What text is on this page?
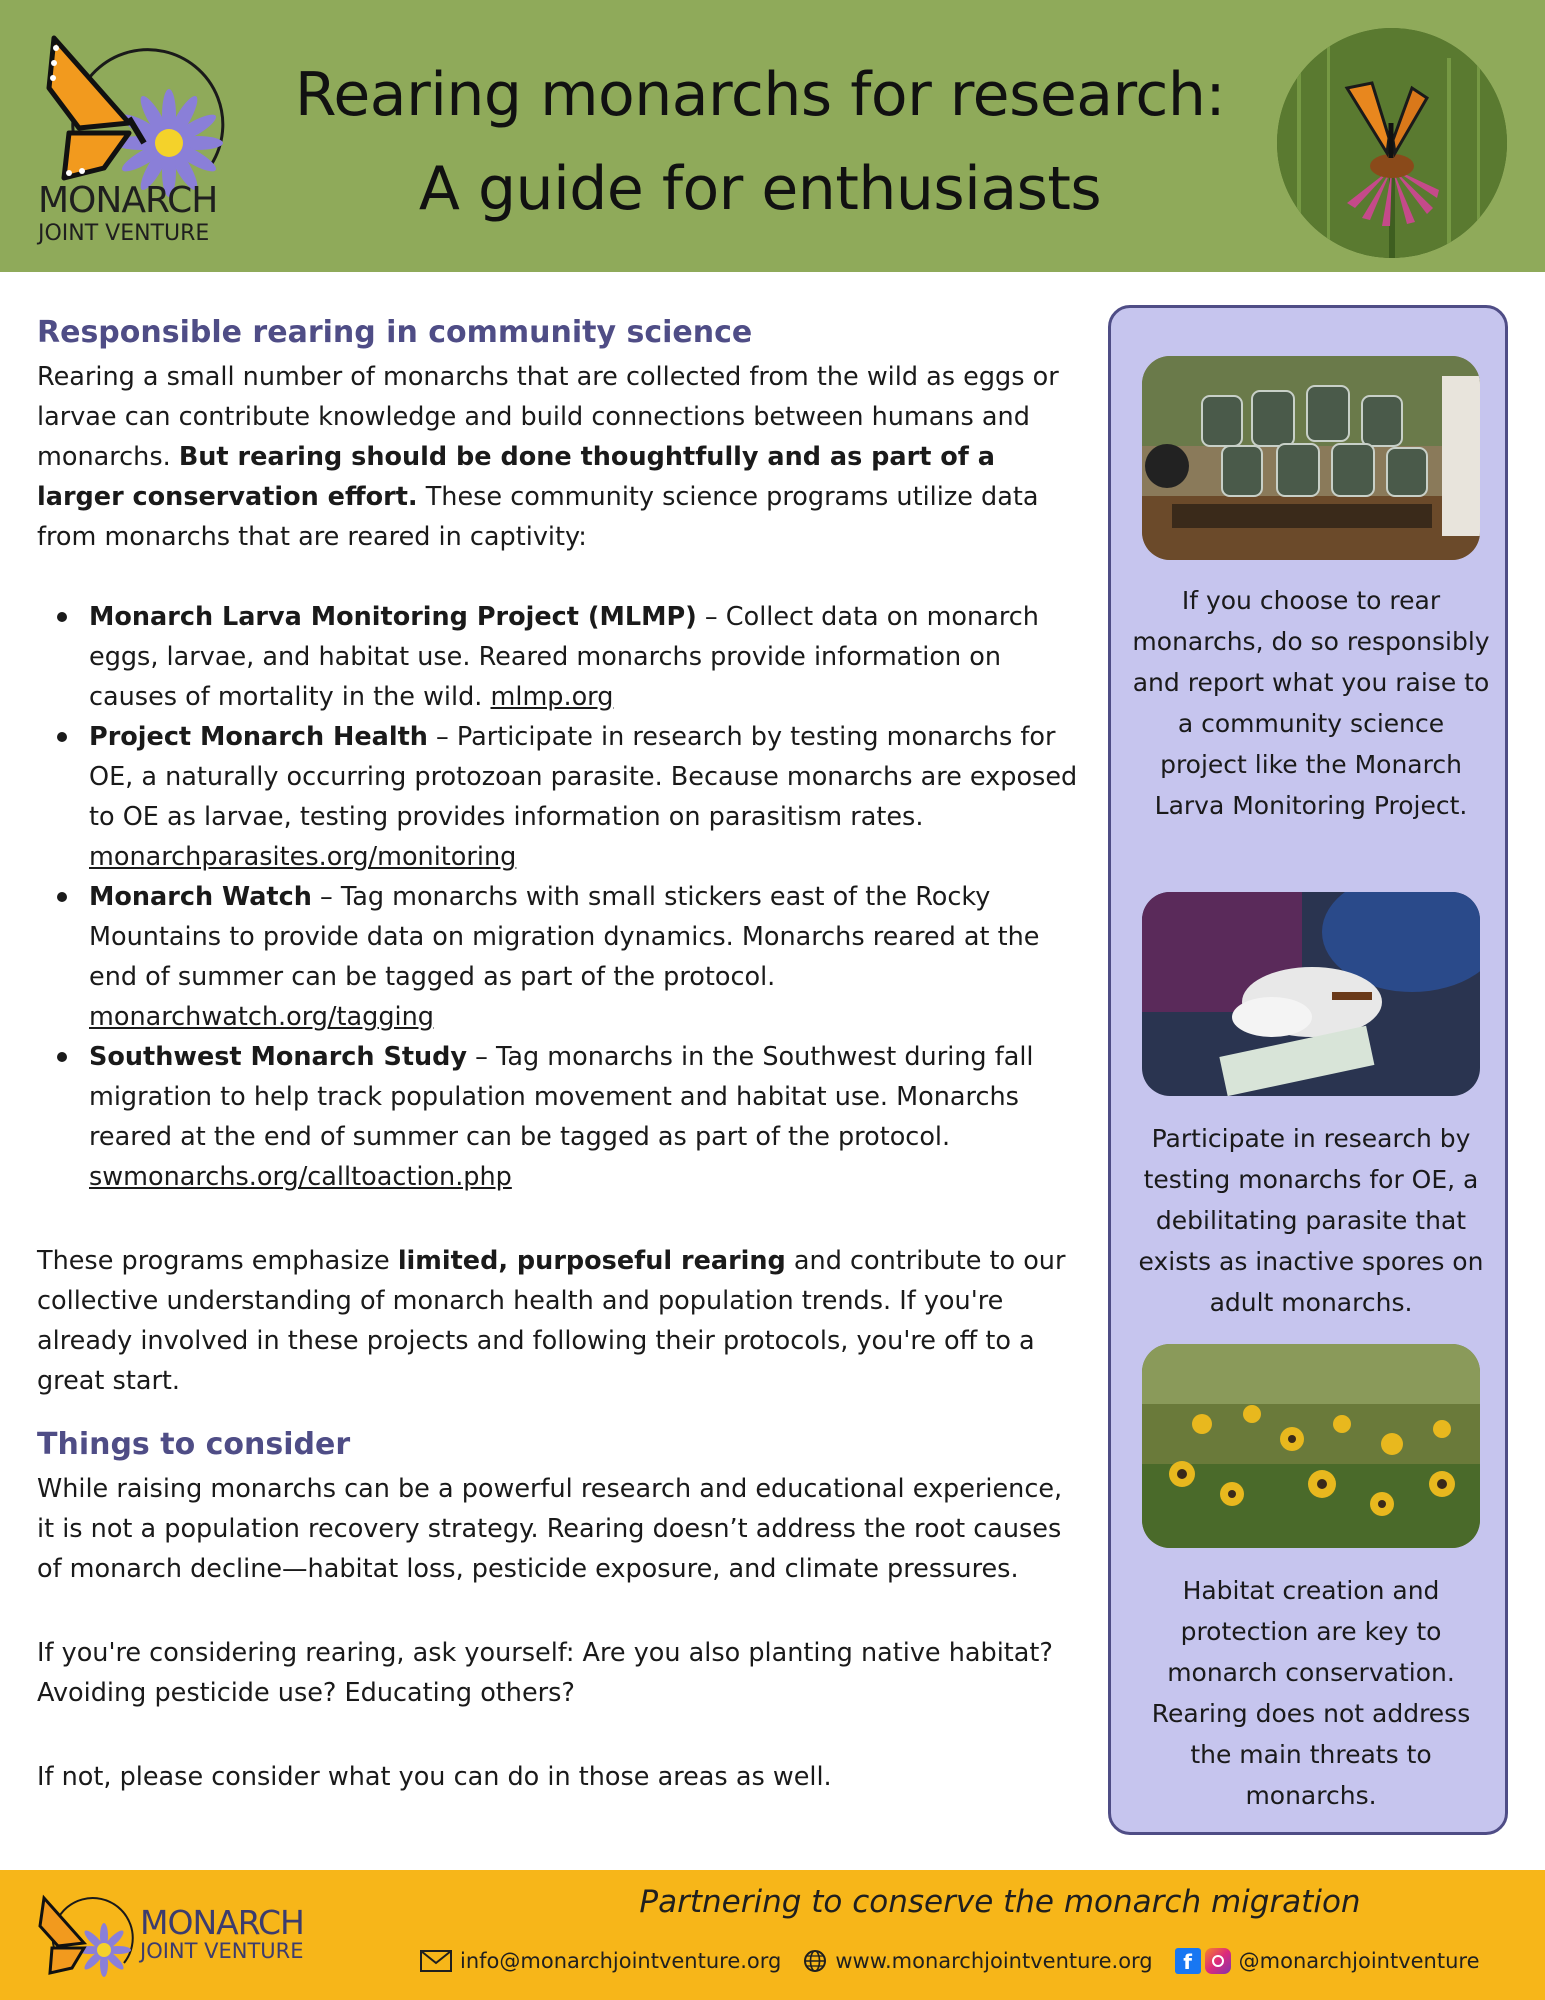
MONARCH
JOINT VENTURE
Rearing monarchs for research:
A guide for enthusiasts
Responsible rearing in community science

Rearing a small number of monarchs that are collected from the wild as eggs or larvae can contribute knowledge and build connections between humans and monarchs. But rearing should be done thoughtfully and as part of a larger conservation effort. These community science programs utilize data from monarchs that are reared in captivity:

Monarch Larva Monitoring Project (MLMP) – Collect data on monarch eggs, larvae, and habitat use. Reared monarchs provide information on causes of mortality in the wild. mlmp.org
Project Monarch Health – Participate in research by testing monarchs for OE, a naturally occurring protozoan parasite. Because monarchs are exposed to OE as larvae, testing provides information on parasitism rates. monarchparasites.org/monitoring
Monarch Watch – Tag monarchs with small stickers east of the Rocky Mountains to provide data on migration dynamics. Monarchs reared at the end of summer can be tagged as part of the protocol. monarchwatch.org/tagging
Southwest Monarch Study – Tag monarchs in the Southwest during fall migration to help track population movement and habitat use. Monarchs reared at the end of summer can be tagged as part of the protocol. swmonarchs.org/calltoaction.php

These programs emphasize limited, purposeful rearing and contribute to our collective understanding of monarch health and population trends. If you're already involved in these projects and following their protocols, you're off to a great start.

Things to consider

While raising monarchs can be a powerful research and educational experience, it is not a population recovery strategy. Rearing doesn’t address the root causes of monarch decline—habitat loss, pesticide exposure, and climate pressures.

If you're considering rearing, ask yourself: Are you also planting native habitat? Avoiding pesticide use? Educating others?

If not, please consider what you can do in those areas as well.

If you choose to rear monarchs, do so responsibly and report what you raise to a community science project like the Monarch Larva Monitoring Project.
Participate in research by testing monarchs for OE, a debilitating parasite that exists as inactive spores on adult monarchs.
Habitat creation and protection are key to monarch conservation. Rearing does not address the main threats to monarchs.
MONARCH
JOINT VENTURE
Partnering to conserve the monarch migration
info@monarchjointventure.org	www.monarchjointventure.org	f	@monarchjointventure
